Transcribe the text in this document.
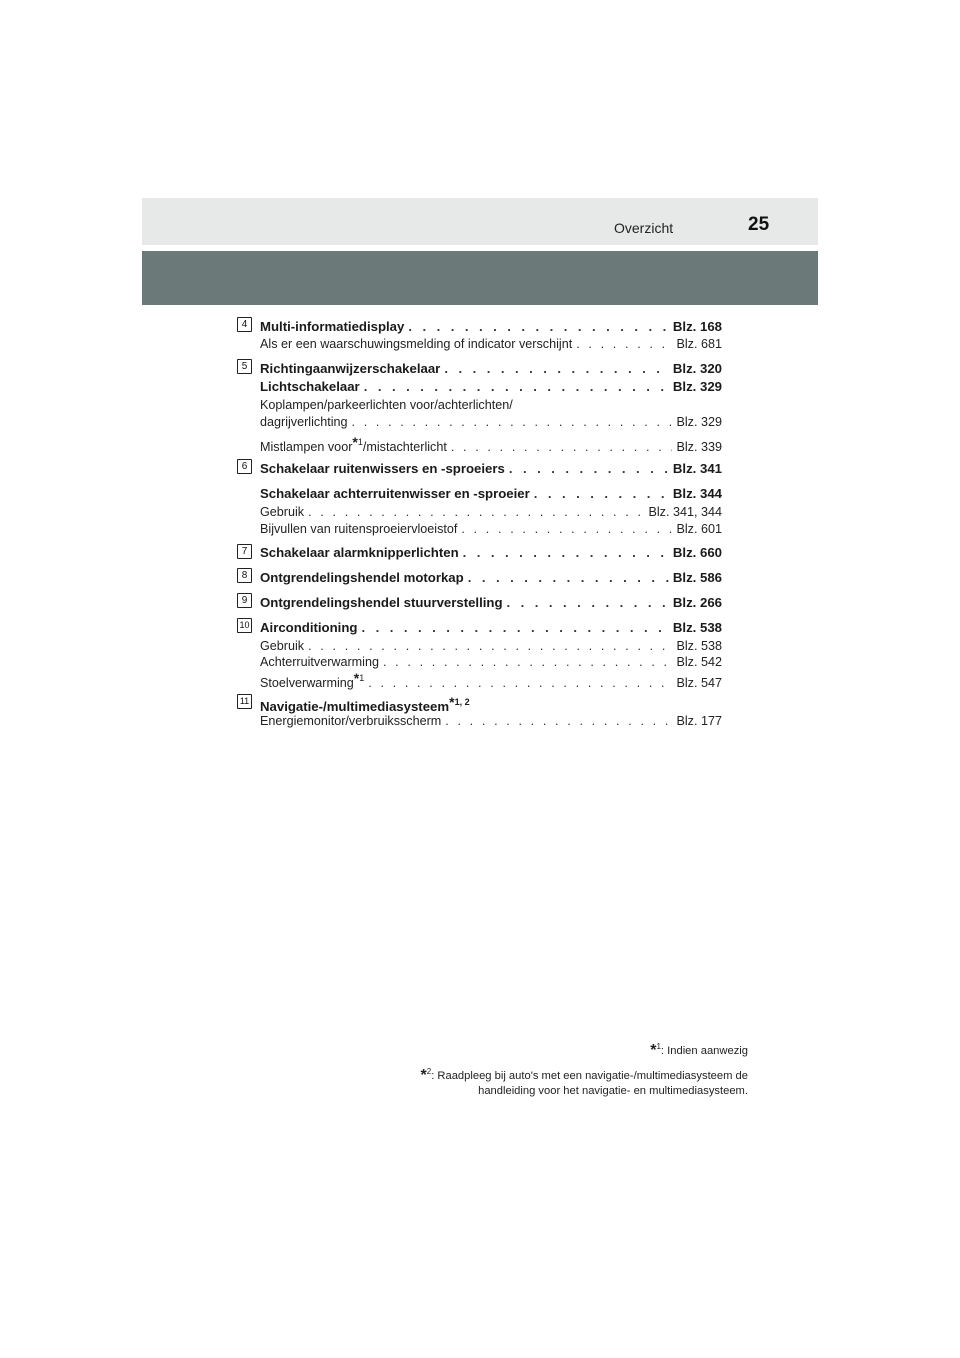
Overzicht	25
4 Multi-informatiedisplay . . .	Blz. 168
Als er een waarschuwingsmelding of indicator verschijnt . . .	Blz. 681
5 Richtingaanwijzerschakelaar . . .	Blz. 320
Lichtschakelaar . . .	Blz. 329
Koplampen/parkeerlichten voor/achterlichten/
dagrijverlichting . . .	Blz. 329
Mistlampen voor$^{*1}$/mistachterlicht . . .	Blz. 339
6 Schakelaar ruitenwissers en -sproeiers . . .	Blz. 341
Schakelaar achterruitenwisser en -sproeier . . .	Blz. 344
Gebruik . . .	Blz. 341, 344
Bijvullen van ruitensproeiervloeistof . . .	Blz. 601
7 Schakelaar alarmknipperlichten . . .	Blz. 660
8 Ontgrendelingshendel motorkap . . .	Blz. 586
9 Ontgrendelingshendel stuurverstelling . . .	Blz. 266
10 Airconditioning . . .	Blz. 538
Gebruik . . .	Blz. 538
Achterruitverwarming . . .	Blz. 542
Stoelverwarming$^{*1}$ . . .	Blz. 547
11 Navigatie-/multimediasysteem$^{*1, 2}$
Energiemonitor/verbruiksscherm . . .	Blz. 177
*$^1$: Indien aanwezig
*$^2$: Raadpleeg bij auto's met een navigatie-/multimediasysteem de
handleiding voor het navigatie- en multimediasysteem.
